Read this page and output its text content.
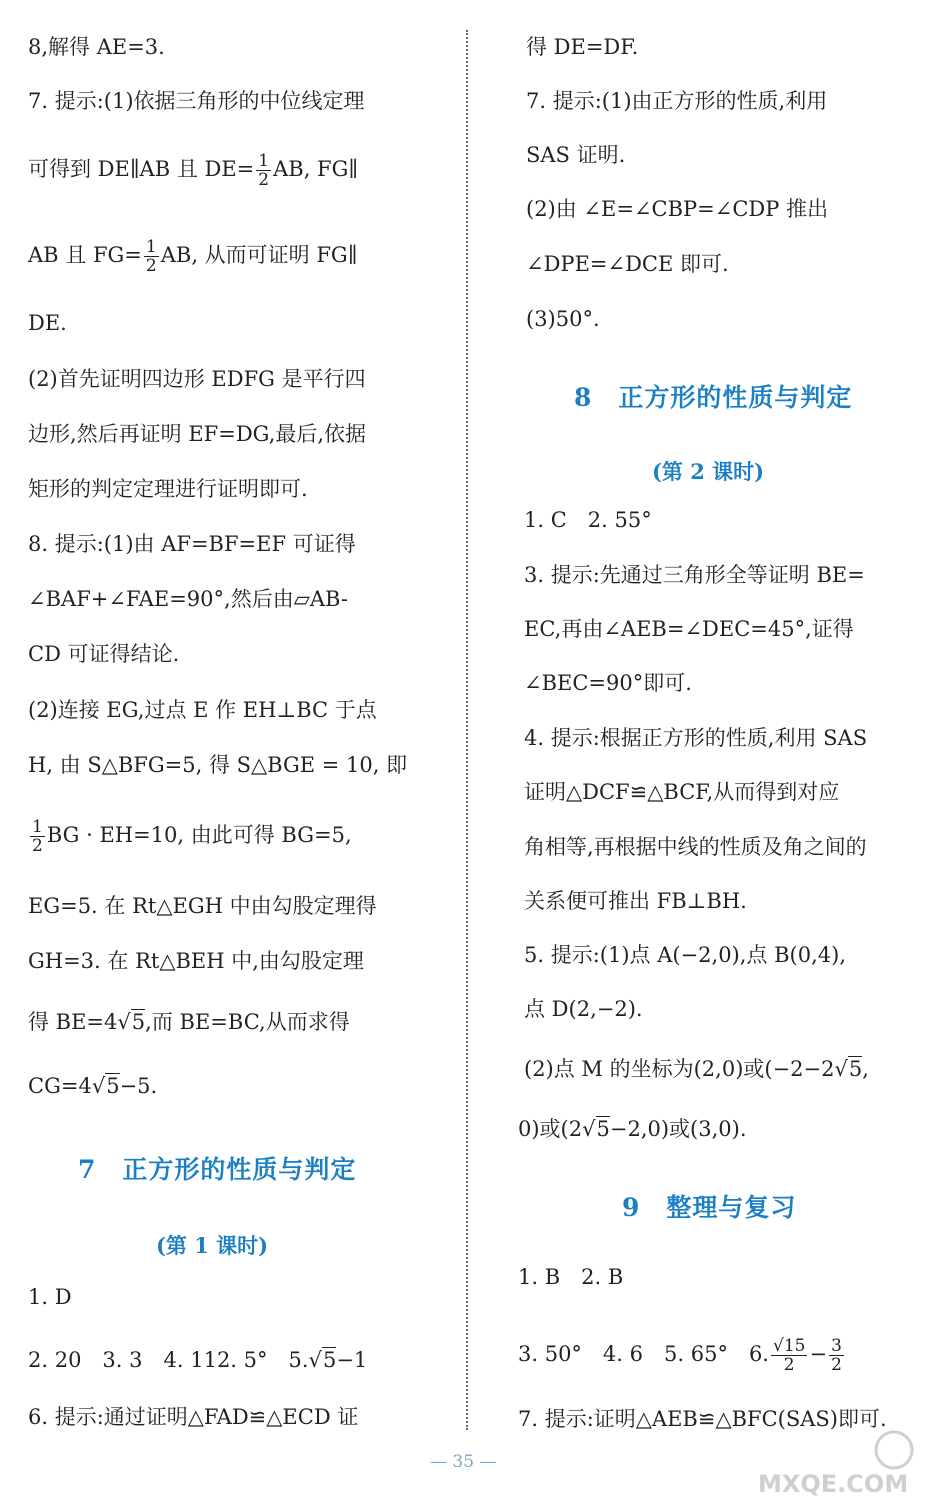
8,解得 AE=3.
7. 提示:(1)依据三角形的中位线定理
可得到 DE∥AB 且 $DE= \frac{1}{2}$ AB, FG∥
AB 且 $FG= \frac{1}{2}$ AB, 从而可证明 FG∥
DE.
(2)首先证明四边形 EDFG 是平行四
边形,然后再证明 EF=DG,最后,依据
矩形的判定定理进行证明即可.
8. 提示:(1)由 AF=BF=EF 可证得
∠BAF+∠FAE=90°,然后由▱AB-
CD 可证得结论.
(2)连接 EG,过点 E 作 EH⊥BC 于点
H, 由 S△BFG=5, 得 S△BGE = 10, 即
$\frac{1}{2}$ BG · EH=10, 由此可得 BG=5,
EG=5. 在 Rt△EGH 中由勾股定理得
GH=3. 在 Rt△BEH 中,由勾股定理
得 BE=4√5,而 BE=BC,从而求得
CG=4√5−5.
7　正方形的性质与判定
(第 1 课时)
1. D
2. 20　3. 3　4. 112. 5°　5.√5−1
6. 提示:通过证明△FAD≌△ECD 证
得 DE=DF.
7. 提示:(1)由正方形的性质,利用
SAS 证明.
(2)由 ∠E=∠CBP=∠CDP 推出
∠DPE=∠DCE 即可.
(3)50°.
8　正方形的性质与判定
(第 2 课时)
1. C　2. 55°
3. 提示:先通过三角形全等证明 BE=
EC,再由∠AEB=∠DEC=45°,证得
∠BEC=90°即可.
4. 提示:根据正方形的性质,利用 SAS
证明△DCF≌△BCF,从而得到对应
角相等,再根据中线的性质及角之间的
关系便可推出 FB⊥BH.
5. 提示:(1)点 A(−2,0),点 B(0,4),
点 D(2,−2).
(2)点 M 的坐标为(2,0)或(−2−2√5,
0)或(2√5−2,0)或(3,0).
9　整理与复习
1. B　2. B
3. 50°　4. 6　5. 65°　6. $\frac{√15}{2} - \frac{3}{2}$
7. 提示:证明△AEB≌△BFC(SAS)即可.
— 35 —
MXQE.COM
